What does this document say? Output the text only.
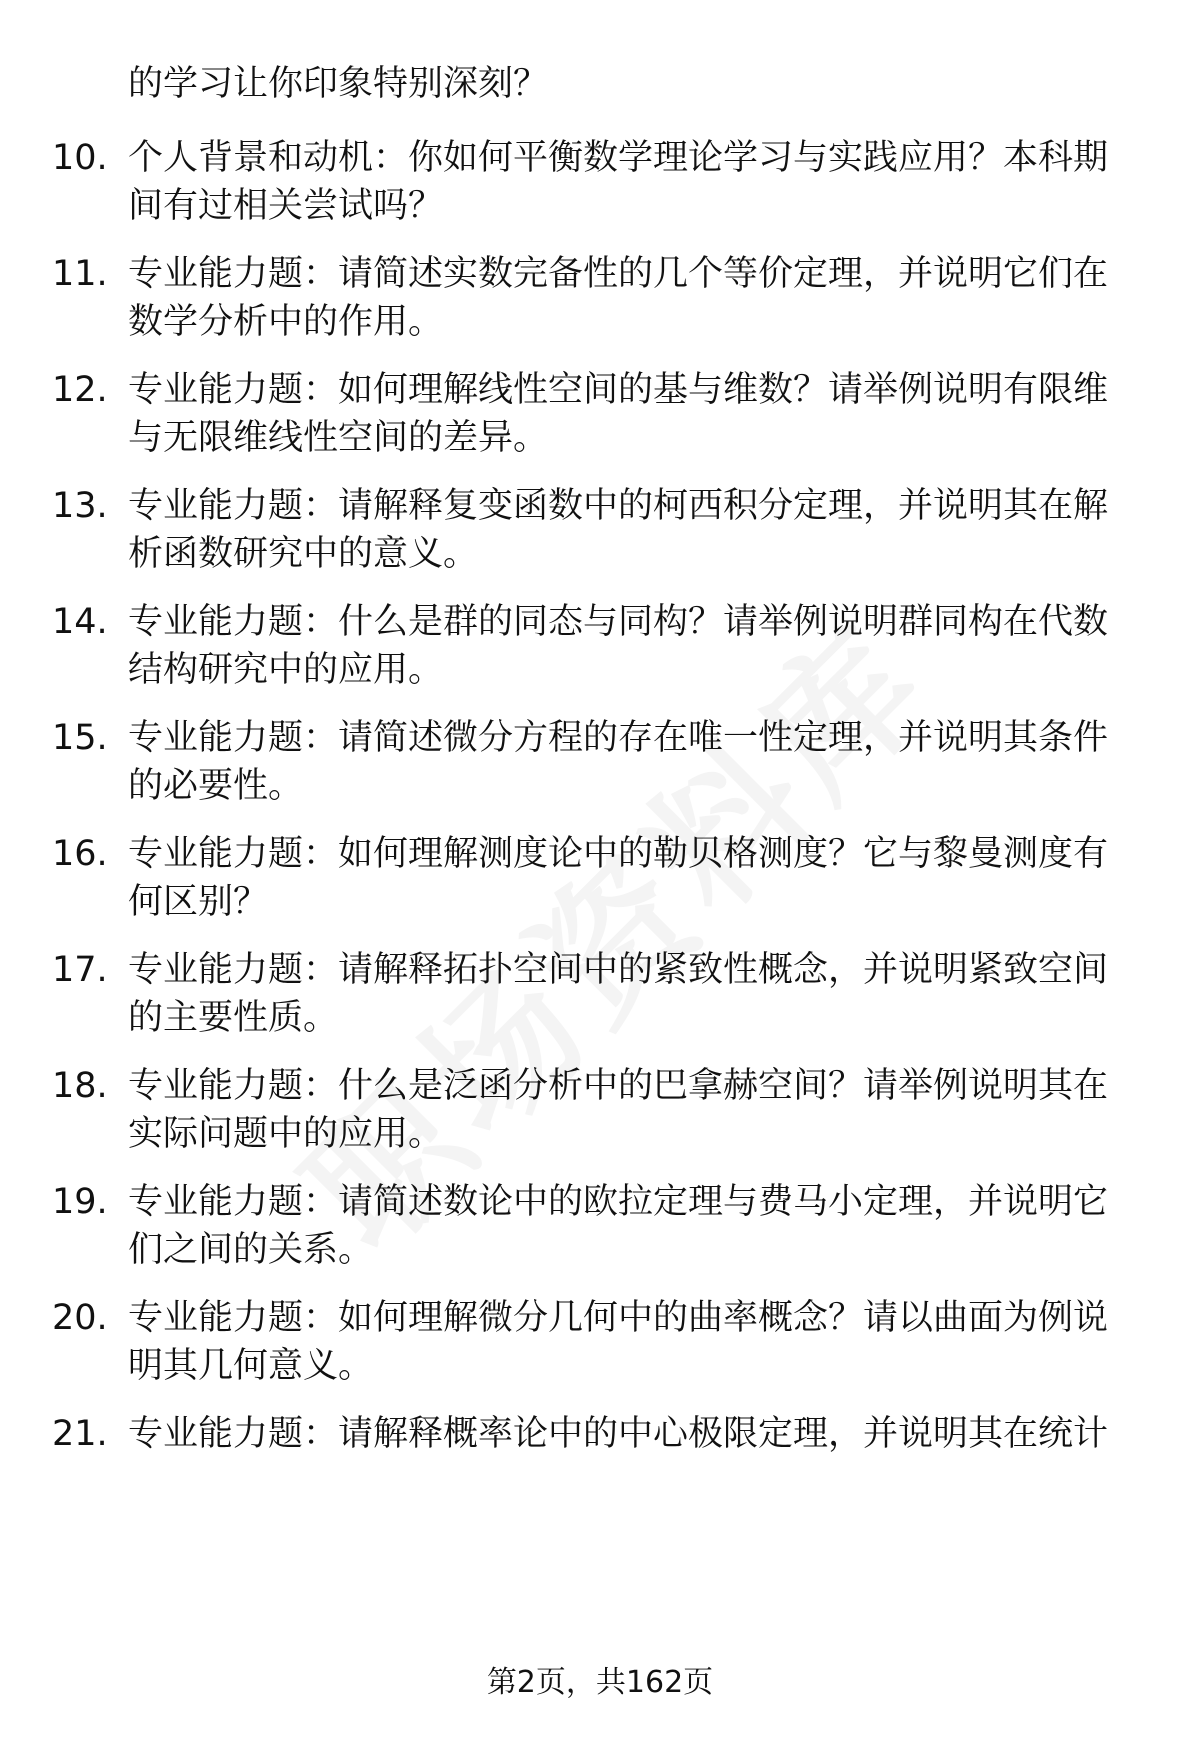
的学习让你印象特别深刻？

10. 个人背景和动机：你如何平衡数学理论学习与实践应用？本科期间有过相关尝试吗？

11. 专业能力题：请简述实数完备性的几个等价定理，并说明它们在数学分析中的作用。

12. 专业能力题：如何理解线性空间的基与维数？请举例说明有限维与无限维线性空间的差异。

13. 专业能力题：请解释复变函数中的柯西积分定理，并说明其在解析函数研究中的意义。

14. 专业能力题：什么是群的同态与同构？请举例说明群同构在代数结构研究中的应用。

15. 专业能力题：请简述微分方程的存在唯一性定理，并说明其条件的必要性。

16. 专业能力题：如何理解测度论中的勒贝格测度？它与黎曼测度有何区别？

17. 专业能力题：请解释拓扑空间中的紧致性概念，并说明紧致空间的主要性质。

18. 专业能力题：什么是泛函分析中的巴拿赫空间？请举例说明其在实际问题中的应用。

19. 专业能力题：请简述数论中的欧拉定理与费马小定理，并说明它们之间的关系。

20. 专业能力题：如何理解微分几何中的曲率概念？请以曲面为例说明其几何意义。

21. 专业能力题：请解释概率论中的中心极限定理，并说明其在统计

第2页，共162页
